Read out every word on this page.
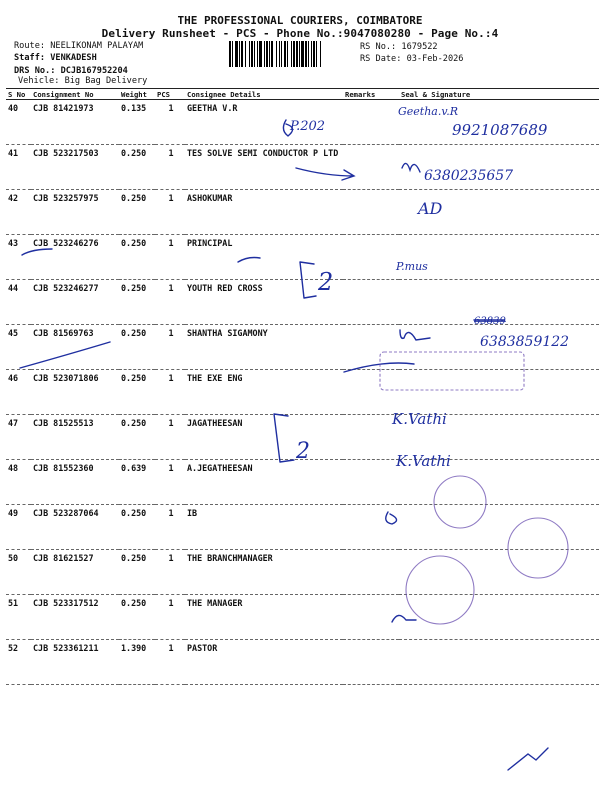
THE PROFESSIONAL COURIERS, COIMBATORE
Delivery Runsheet - PCS - Phone No.:9047080280 - Page No.:4
Route: NEELIKONAM PALAYAM
Staff: VENKADESH
DRS No.: DCJB167952204
Vehicle: Big Bag Delivery
RS No.: 1679522
RS Date: 03-Feb-2026
S No	Consignment No	Weight	PCS	Consignee Details	Remarks	Seal & Signature
40	CJB 81421973	0.135	1	GEETHA V.R		
41	CJB 523217503	0.250	1	TES SOLVE SEMI CONDUCTOR P LTD		
42	CJB 523257975	0.250	1	ASHOKUMAR		
43	CJB 523246276	0.250	1	PRINCIPAL		
44	CJB 523246277	0.250	1	YOUTH RED CROSS		
45	CJB 81569763	0.250	1	SHANTHA SIGAMONY		
46	CJB 523071806	0.250	1	THE EXE ENG		
47	CJB 81525513	0.250	1	JAGATHEESAN		
48	CJB 81552360	0.639	1	A.JEGATHEESAN		
49	CJB 523287064	0.250	1	IB		
50	CJB 81621527	0.250	1	THE BRANCHMANAGER		
51	CJB 523317512	0.250	1	THE MANAGER		
52	CJB 523361211	1.390	1	PASTOR		
P.202
Geetha.v.R
9921087689
6380235657
AD
2
P.mus
63839
6383859122
K.Vathi
2	K.Vathi
